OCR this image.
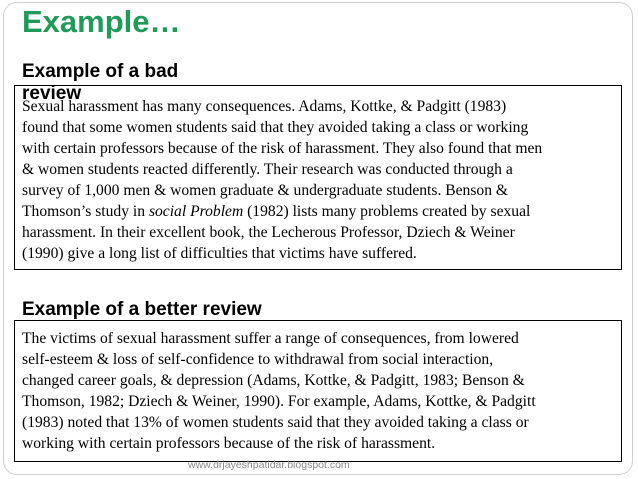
Example…
Example of a bad
review
Sexual harassment has many consequences. Adams, Kottke, & Padgitt (1983)
found that some women students said that they avoided taking a class or working
with certain professors because of the risk of harassment. They also found that men
& women students reacted differently. Their research was conducted through a
survey of 1,000 men & women graduate & undergraduate students. Benson &
Thomson’s study in social Problem (1982) lists many problems created by sexual
harassment. In their excellent book, the Lecherous Professor, Dziech & Weiner
(1990) give a long list of difficulties that victims have suffered.
Example of a better review
The victims of sexual harassment suffer a range of consequences, from lowered
self-esteem & loss of self-confidence to withdrawal from social interaction,
changed career goals, & depression (Adams, Kottke, & Padgitt, 1983; Benson &
Thomson, 1982; Dziech & Weiner, 1990). For example, Adams, Kottke, & Padgitt
(1983) noted that 13% of women students said that they avoided taking a class or
working with certain professors because of the risk of harassment.
www.drjayeshpatidar.blogspot.com
